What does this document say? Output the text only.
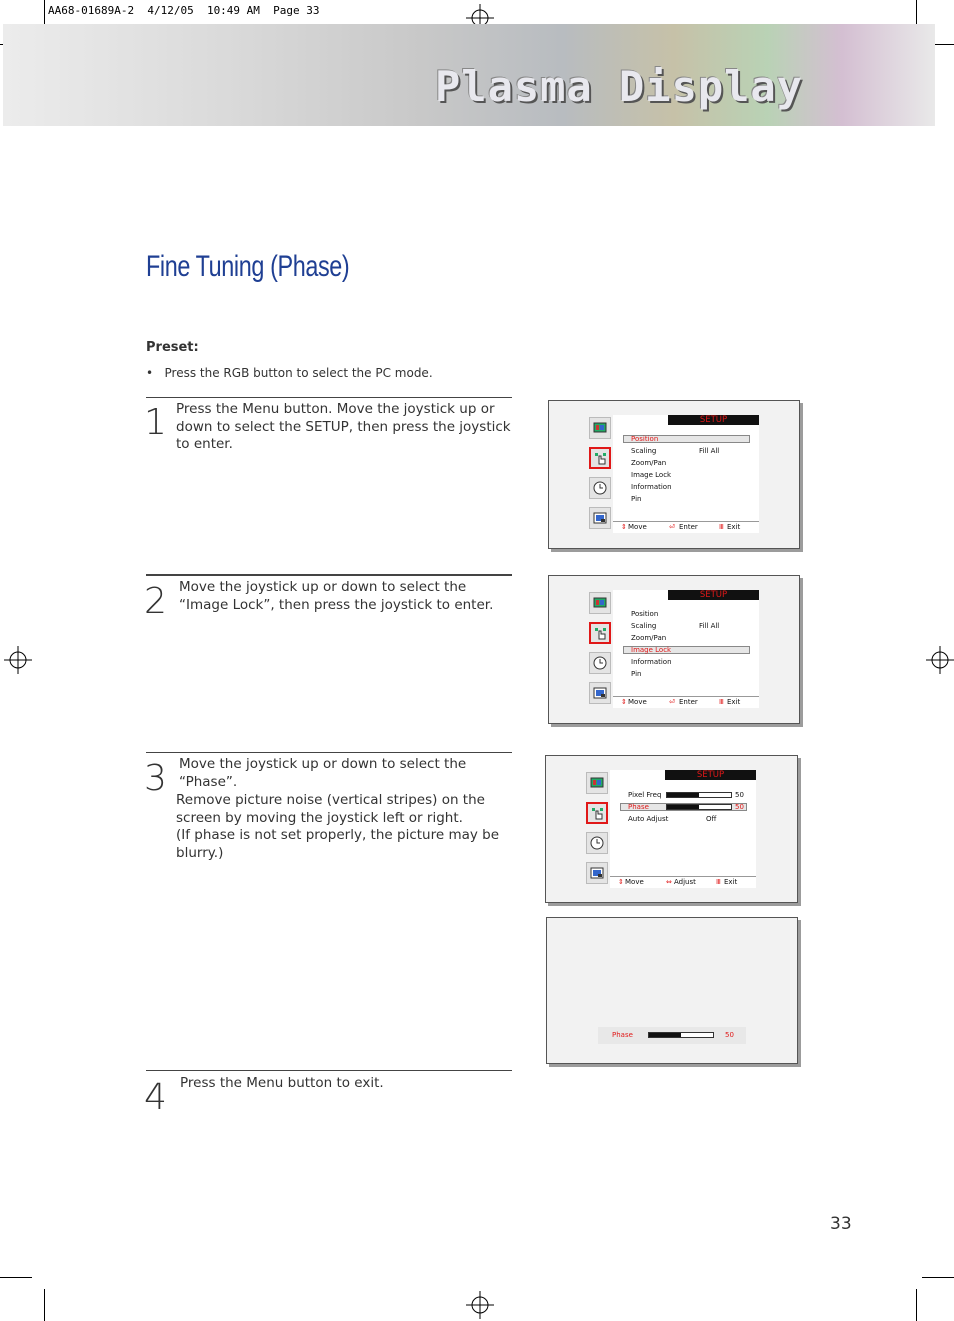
AA68-01689A-2  4/12/05  10:49 AM  Page 33
Plasma Display
Fine Tuning (Phase)
Preset:
•   Press the RGB button to select the PC mode.
1 Press the Menu button. Move the joystick up or down to select the SETUP, then press the joystick to enter.
2 Move the joystick up or down to select the “Image Lock”, then press the joystick to enter.
3 Move the joystick up or down to select the “Phase”.
Remove picture noise (vertical stripes) on the screen by moving the joystick left or right.
(If phase is not set properly, the picture may be blurry.)
4 Press the Menu button to exit.
SETUP
Position
Scaling	Fill All
Zoom/Pan
Image Lock
Information
Pin
⇕ Move	⏎ Enter	Ⅲ Exit
SETUP
Position
Scaling	Fill All
Zoom/Pan
Image Lock
Information
Pin
⇕ Move	⏎ Enter	Ⅲ Exit
SETUP
Pixel Freq	50
Phase	50
Auto Adjust	Off
⇕ Move	⇔ Adjust	Ⅲ Exit
Phase	50
33
